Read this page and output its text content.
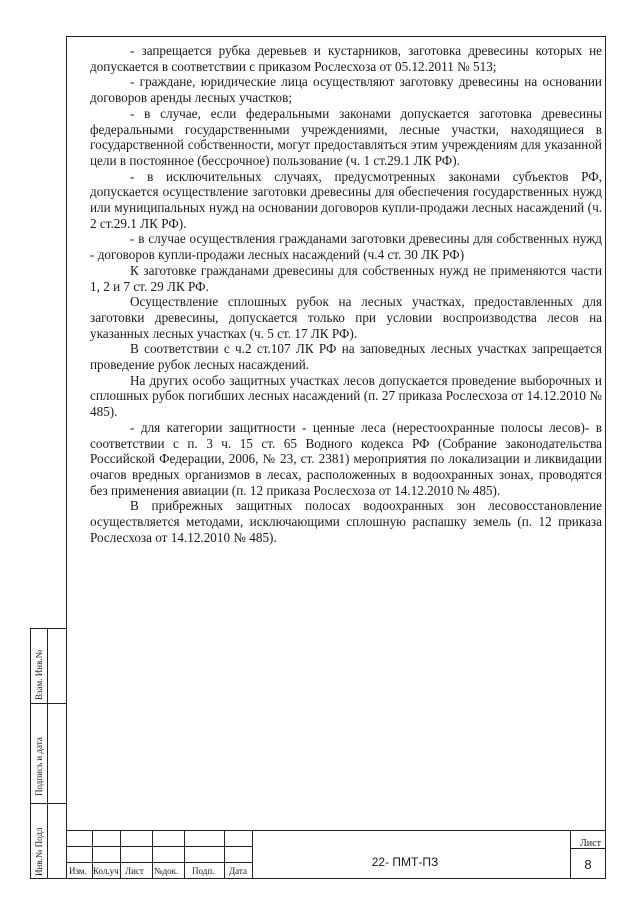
- запрещается рубка деревьев и кустарников, заготовка древесины которых не допускается в соответствии с приказом Рослесхоза от 05.12.2011 № 513;

- граждане, юридические лица осуществляют заготовку древесины на основании договоров аренды лесных участков;

- в случае, если федеральными законами допускается заготовка древесины федеральными государственными учреждениями, лесные участки, находящиеся в государственной собственности, могут предоставляться этим учреждениям для указанной цели в постоянное (бессрочное) пользование (ч. 1 ст.29.1 ЛК РФ).

- в исключительных случаях, предусмотренных законами субъектов РФ, допускается осуществление заготовки древесины для обеспечения государственных нужд или муниципальных нужд на основании договоров купли-продажи лесных насаждений (ч. 2 ст.29.1 ЛК РФ).

- в случае осуществления гражданами заготовки древесины для собственных нужд - договоров купли-продажи лесных насаждений (ч.4 ст. 30 ЛК РФ)

К заготовке гражданами древесины для собственных нужд не применяются части 1, 2 и 7 ст. 29 ЛК РФ.

Осуществление сплошных рубок на лесных участках, предоставленных для заготовки древесины, допускается только при условии воспроизводства лесов на указанных лесных участках (ч. 5 ст. 17 ЛК РФ).

В соответствии с ч.2 ст.107 ЛК РФ на заповедных лесных участках запрещается проведение рубок лесных насаждений.

На других особо защитных участках лесов допускается проведение выборочных и сплошных рубок погибших лесных насаждений (п. 27 приказа Рослесхоза от 14.12.2010 № 485).

- для категории защитности - ценные леса (нерестоохранные полосы лесов)- в соответствии с п. 3 ч. 15 ст. 65 Водного кодекса РФ (Собрание законодательства Российской Федерации, 2006, № 23, ст. 2381) мероприятия по локализации и ликвидации очагов вредных организмов в лесах, расположенных в водоохранных зонах, проводятся без применения авиации (п. 12 приказа Рослесхоза от 14.12.2010 № 485).

В прибрежных защитных полосах водоохранных зон лесовосстановление осуществляется методами, исключающими сплошную распашку земель (п. 12 приказа Рослесхоза от 14.12.2010 № 485).

Взам. Инв.№
Подпись и дата
Инв.№ Подл	Изм. Кол.уч Лист №док. Подп. Дата
22- ПМТ-ПЗ
Лист
8
